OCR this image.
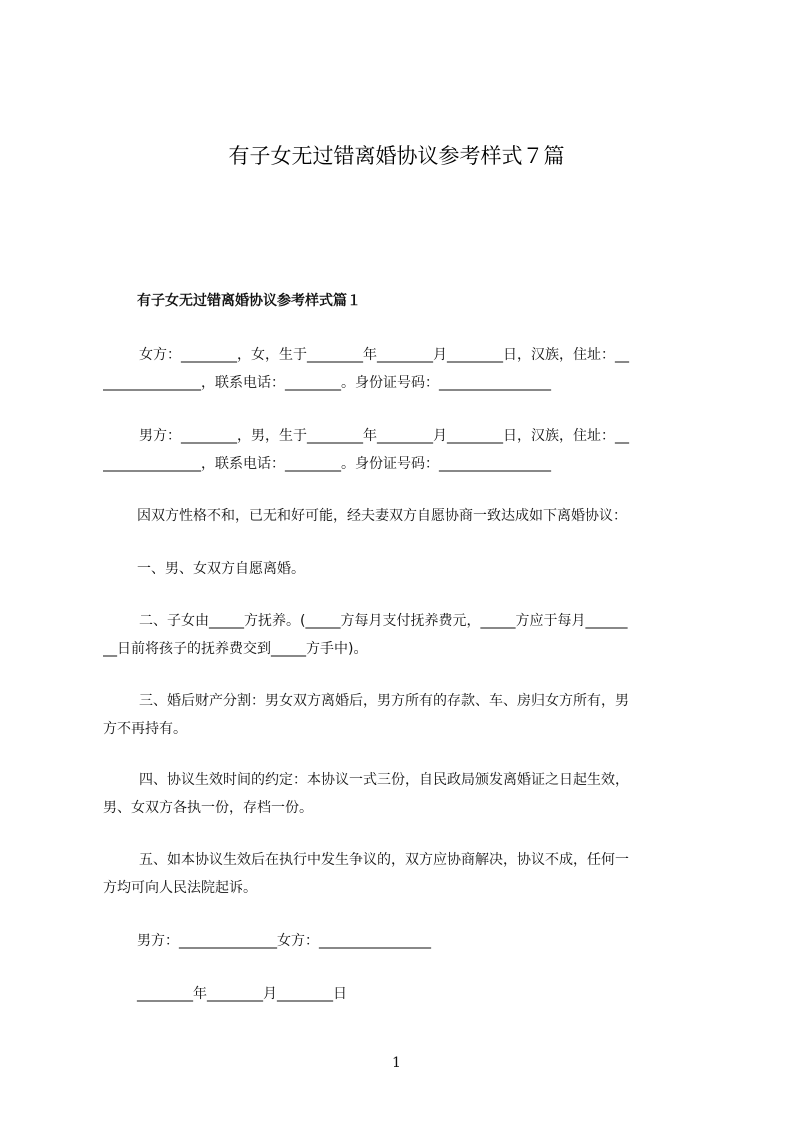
有子女无过错离婚协议参考样式７篇
有子女无过错离婚协议参考样式篇１
女方：________，女，生于________年________月________日，汉族，住址：__
______________，联系电话：________。身份证号码：________________
男方：________，男，生于________年________月________日，汉族，住址：__
______________，联系电话：________。身份证号码：________________
因双方性格不和，已无和好可能，经夫妻双方自愿协商一致达成如下离婚协议：
一、男、女双方自愿离婚。
二、子女由_____方抚养。(_____方每月支付抚养费元，_____方应于每月______
__日前将孩子的抚养费交到_____方手中)。
三、婚后财产分割：男女双方离婚后，男方所有的存款、车、房归女方所有，男
方不再持有。
四、协议生效时间的约定：本协议一式三份，自民政局颁发离婚证之日起生效，
男、女双方各执一份，存档一份。
五、如本协议生效后在执行中发生争议的，双方应协商解决，协议不成，任何一
方均可向人民法院起诉。
男方：______________女方：________________
________年________月________日
1
